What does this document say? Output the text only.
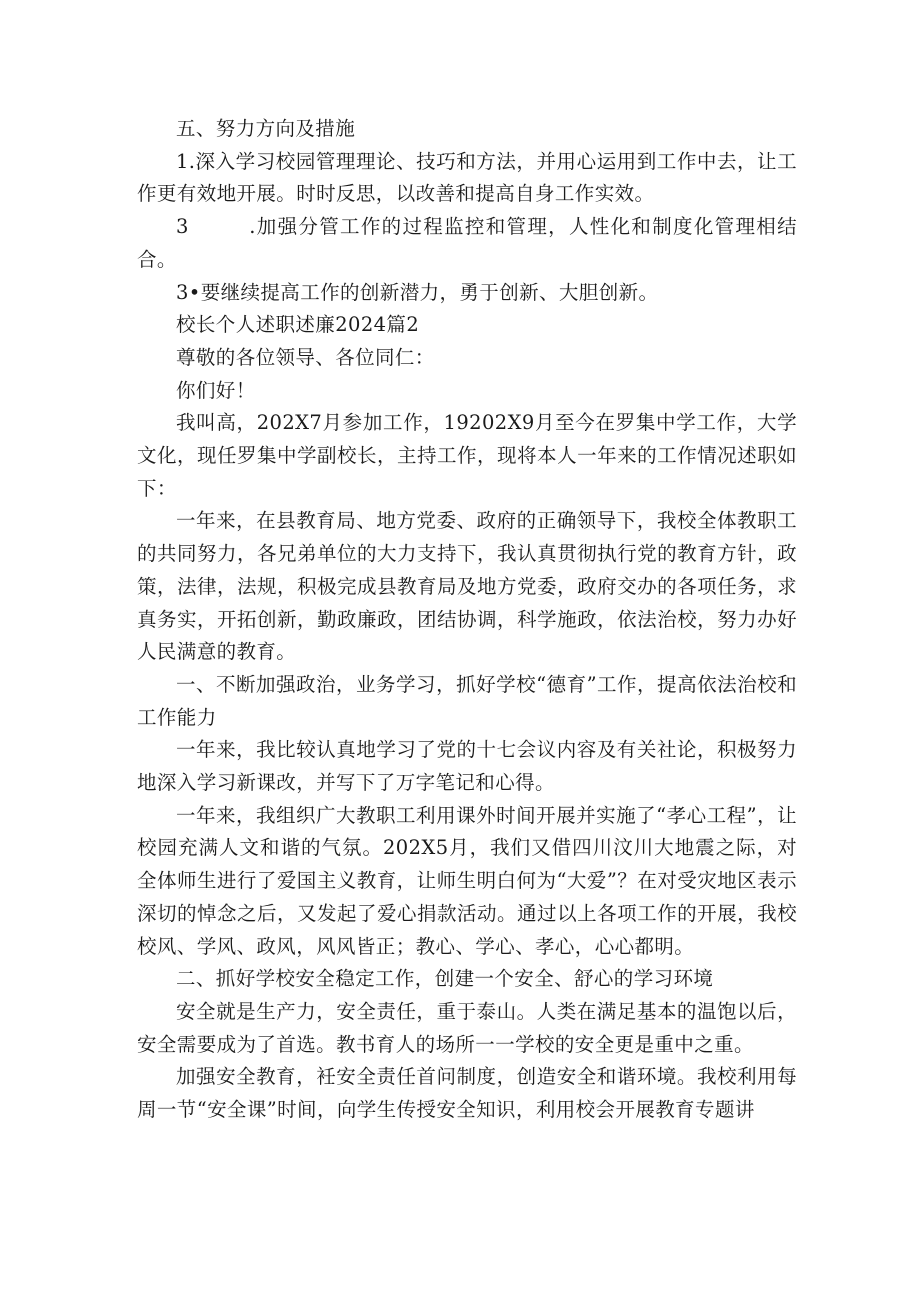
五、努力方向及措施

1.深入学习校园管理理论、技巧和方法，并用心运用到工作中去，让工作更有效地开展。时时反思，以改善和提高自身工作实效。

3	.加强分管工作的过程监控和管理，人性化和制度化管理相结合。

3•要继续提高工作的创新潜力，勇于创新、大胆创新。

校长个人述职述廉2024篇2

尊敬的各位领导、各位同仁：

你们好！

我叫高，202X7月参加工作，19202X9月至今在罗集中学工作，大学文化，现任罗集中学副校长，主持工作，现将本人一年来的工作情况述职如下：

一年来，在县教育局、地方党委、政府的正确领导下，我校全体教职工的共同努力，各兄弟单位的大力支持下，我认真贯彻执行党的教育方针，政策，法律，法规，积极完成县教育局及地方党委，政府交办的各项任务，求真务实，开拓创新，勤政廉政，团结协调，科学施政，依法治校，努力办好人民满意的教育。

一、不断加强政治，业务学习，抓好学校“德育”工作，提高依法治校和工作能力

一年来，我比较认真地学习了党的十七会议内容及有关社论，积极努力地深入学习新课改，并写下了万字笔记和心得。

一年来，我组织广大教职工利用课外时间开展并实施了“孝心工程”，让校园充满人文和谐的气氛。202X5月，我们又借四川汶川大地震之际，对全体师生进行了爱国主义教育，让师生明白何为“大爱”？在对受灾地区表示深切的悼念之后，又发起了爱心捐款活动。通过以上各项工作的开展，我校校风、学风、政风，风风皆正；教心、学心、孝心，心心都明。

二、抓好学校安全稳定工作，创建一个安全、舒心的学习环境

安全就是生产力，安全责任，重于泰山。人类在满足基本的温饱以后，安全需要成为了首选。教书育人的场所一一学校的安全更是重中之重。

加强安全教育，衽安全责任首问制度，创造安全和谐环境。我校利用每周一节“安全课”时间，向学生传授安全知识，利用校会开展教育专题讲
